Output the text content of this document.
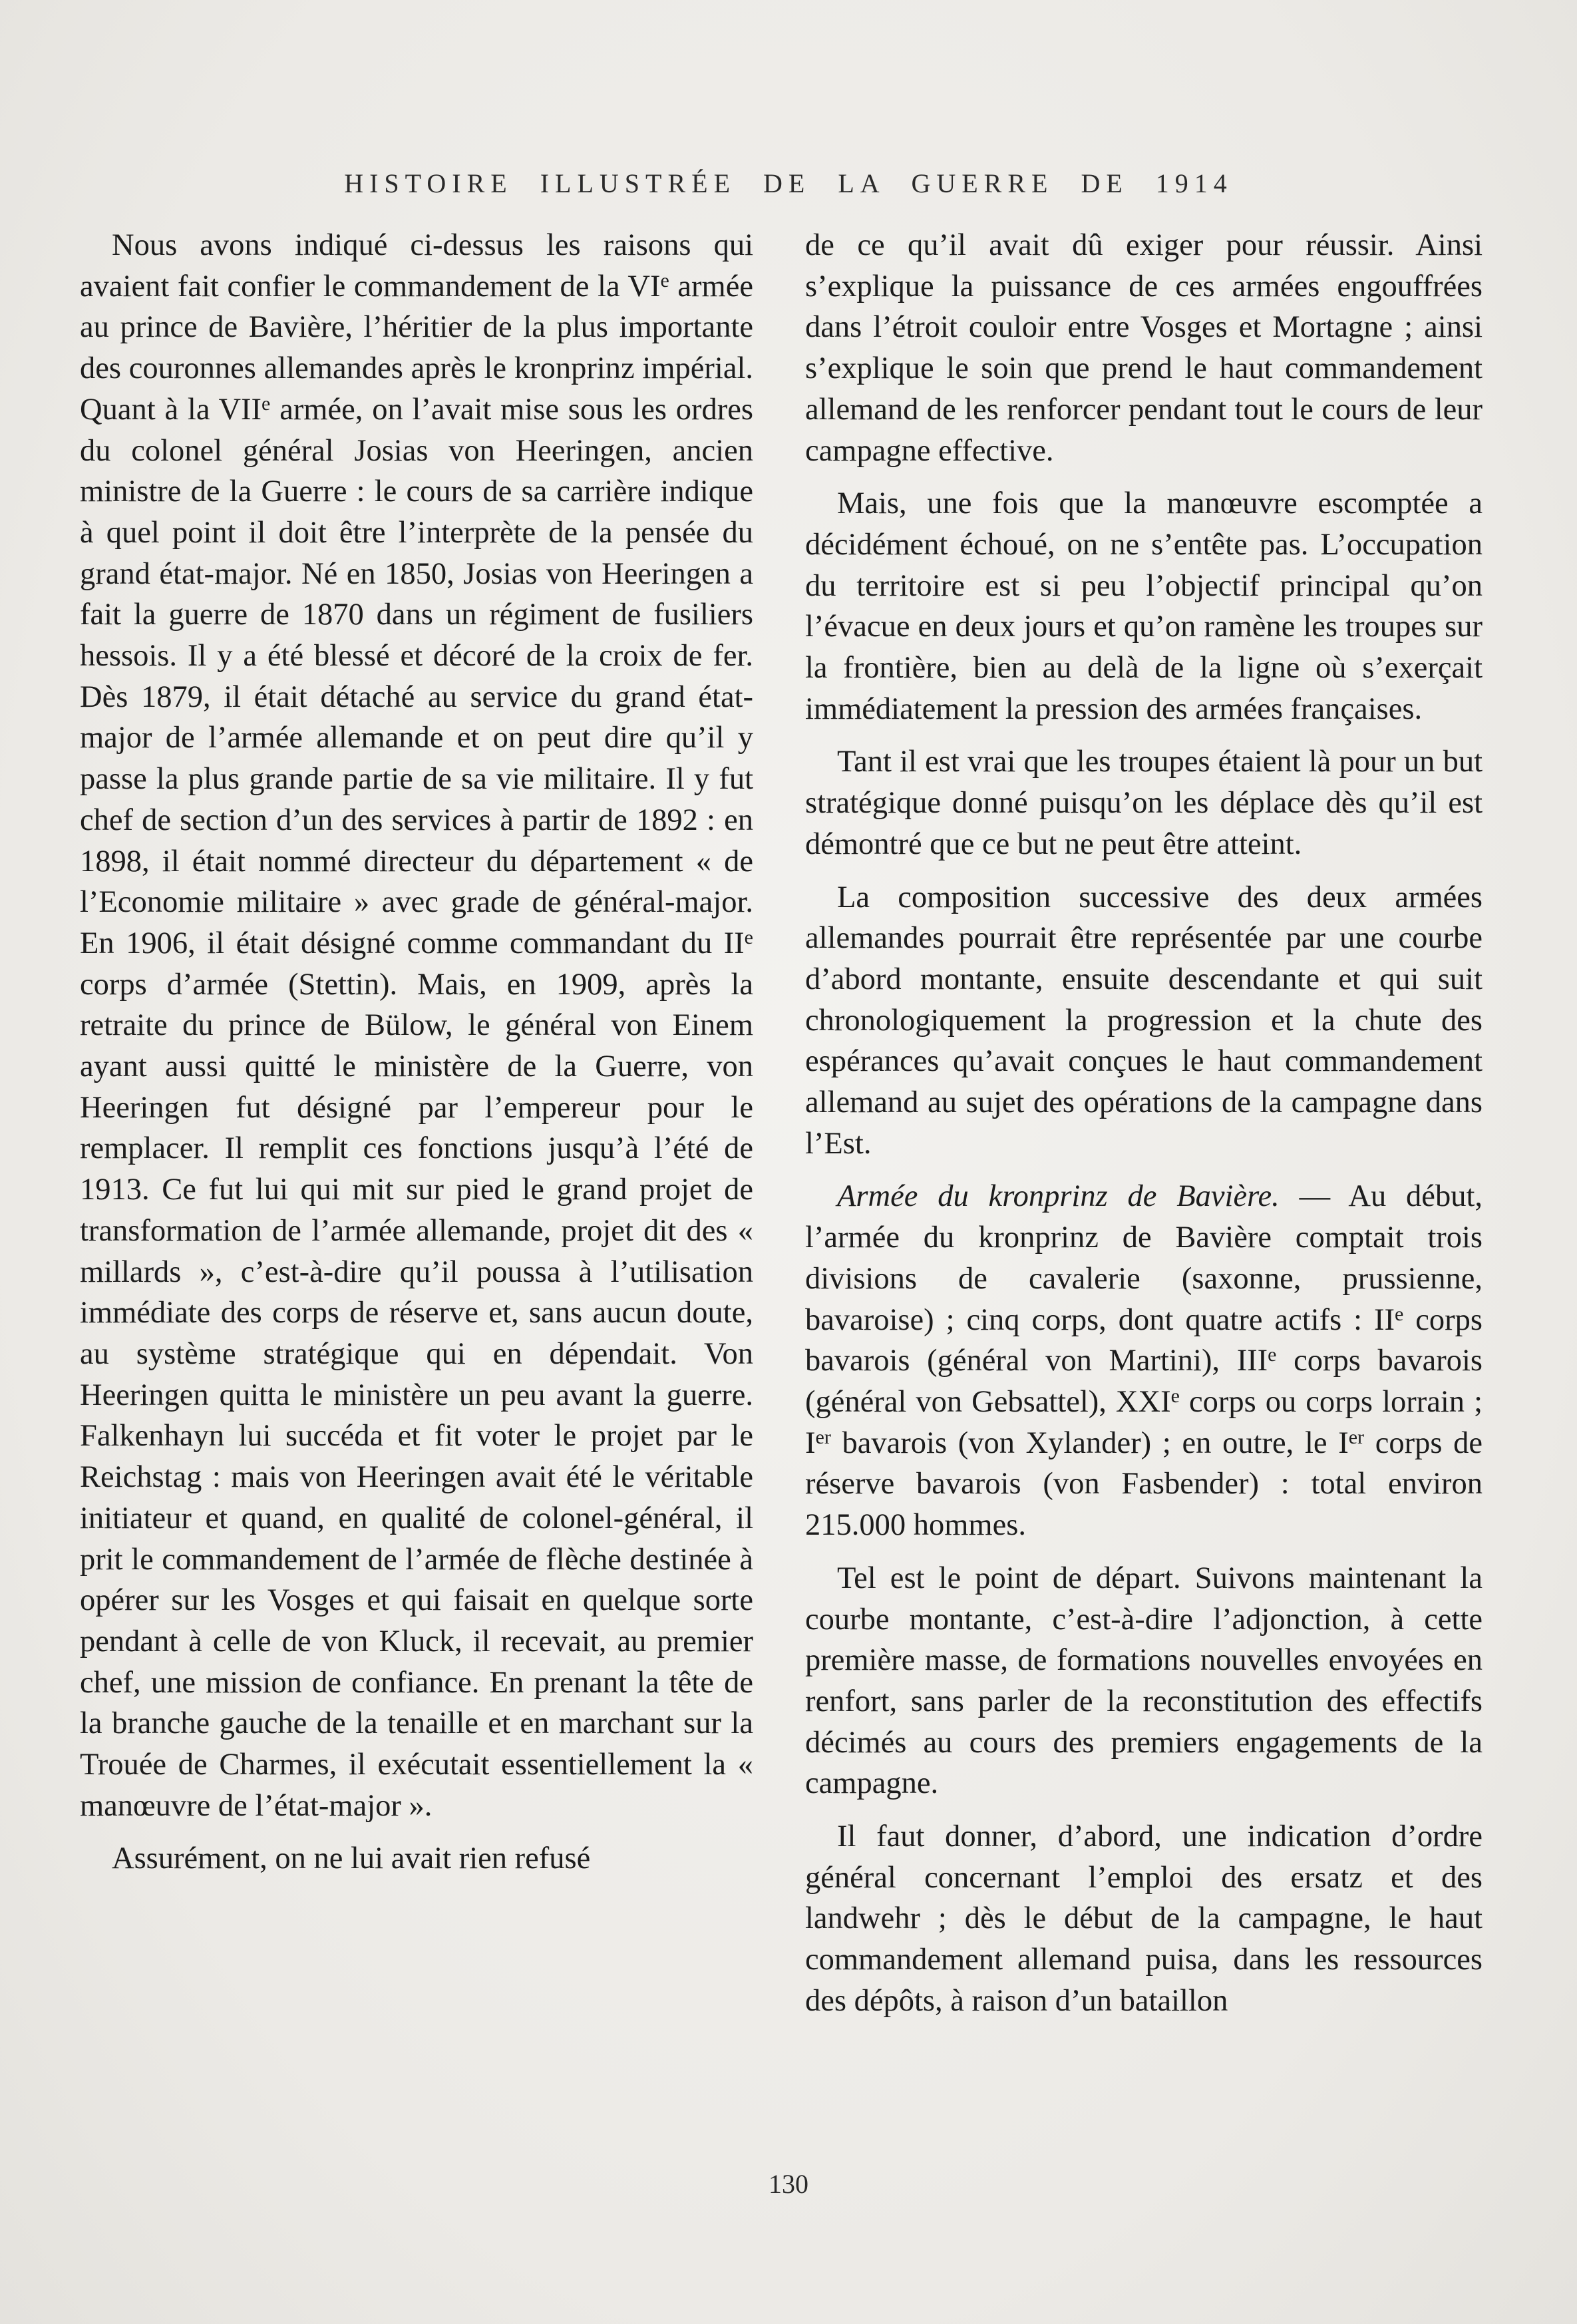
HISTOIRE ILLUSTRÉE DE LA GUERRE DE 1914

Nous avons indiqué ci-dessus les raisons qui avaient fait confier le commandement de la VIe armée au prince de Bavière, l’héritier de la plus importante des couronnes allemandes après le kronprinz impérial. Quant à la VIIe armée, on l’avait mise sous les ordres du colonel général Josias von Heeringen, ancien ministre de la Guerre : le cours de sa carrière indique à quel point il doit être l’interprète de la pensée du grand état-major. Né en 1850, Josias von Heeringen a fait la guerre de 1870 dans un régiment de fusiliers hessois. Il y a été blessé et décoré de la croix de fer. Dès 1879, il était détaché au service du grand état-major de l’armée allemande et on peut dire qu’il y passe la plus grande partie de sa vie militaire. Il y fut chef de section d’un des services à partir de 1892 : en 1898, il était nommé directeur du département « de l’Economie militaire » avec grade de général-major. En 1906, il était désigné comme commandant du IIe corps d’armée (Stettin). Mais, en 1909, après la retraite du prince de Bülow, le général von Einem ayant aussi quitté le ministère de la Guerre, von Heeringen fut désigné par l’empereur pour le remplacer. Il remplit ces fonctions jusqu’à l’été de 1913. Ce fut lui qui mit sur pied le grand projet de transformation de l’armée allemande, projet dit des « millards », c’est-à-dire qu’il poussa à l’utilisation immédiate des corps de réserve et, sans aucun doute, au système stratégique qui en dépendait. Von Heeringen quitta le ministère un peu avant la guerre. Falkenhayn lui succéda et fit voter le projet par le Reichstag : mais von Heeringen avait été le véritable initiateur et quand, en qualité de colonel-général, il prit le commandement de l’armée de flèche destinée à opérer sur les Vosges et qui faisait en quelque sorte pendant à celle de von Kluck, il recevait, au premier chef, une mission de confiance. En prenant la tête de la branche gauche de la tenaille et en marchant sur la Trouée de Charmes, il exécutait essentiellement la « manœuvre de l’état-major ».

Assurément, on ne lui avait rien refusé

de ce qu’il avait dû exiger pour réussir. Ainsi s’explique la puissance de ces armées engouffrées dans l’étroit couloir entre Vosges et Mortagne ; ainsi s’explique le soin que prend le haut commandement allemand de les renforcer pendant tout le cours de leur campagne effective.

Mais, une fois que la manœuvre escomptée a décidément échoué, on ne s’entête pas. L’occupation du territoire est si peu l’objectif principal qu’on l’évacue en deux jours et qu’on ramène les troupes sur la frontière, bien au delà de la ligne où s’exerçait immédiatement la pression des armées françaises.

Tant il est vrai que les troupes étaient là pour un but stratégique donné puisqu’on les déplace dès qu’il est démontré que ce but ne peut être atteint.

La composition successive des deux armées allemandes pourrait être représentée par une courbe d’abord montante, ensuite descendante et qui suit chronologiquement la progression et la chute des espérances qu’avait conçues le haut commandement allemand au sujet des opérations de la campagne dans l’Est.

Armée du kronprinz de Bavière. — Au début, l’armée du kronprinz de Bavière comptait trois divisions de cavalerie (saxonne, prussienne, bavaroise) ; cinq corps, dont quatre actifs : IIe corps bavarois (général von Martini), IIIe corps bavarois (général von Gebsattel), XXIe corps ou corps lorrain ; Ier bavarois (von Xylander) ; en outre, le Ier corps de réserve bavarois (von Fasbender) : total environ 215.000 hommes.

Tel est le point de départ. Suivons maintenant la courbe montante, c’est-à-dire l’adjonction, à cette première masse, de formations nouvelles envoyées en renfort, sans parler de la reconstitution des effectifs décimés au cours des premiers engagements de la campagne.

Il faut donner, d’abord, une indication d’ordre général concernant l’emploi des ersatz et des landwehr ; dès le début de la campagne, le haut commandement allemand puisa, dans les ressources des dépôts, à raison d’un bataillon

130
